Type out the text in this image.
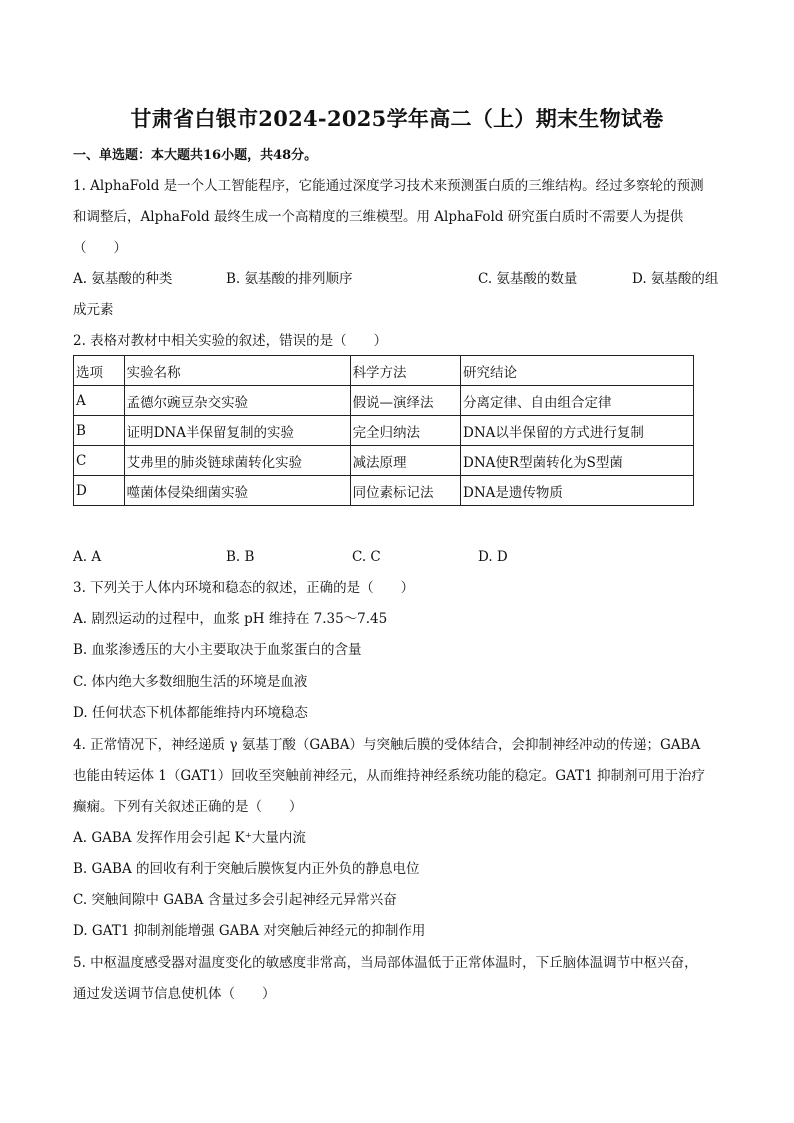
甘肃省白银市2024-2025学年高二（上）期末生物试卷
一、单选题：本大题共16小题，共48分。
1. AlphaFold 是一个人工智能程序，它能通过深度学习技术来预测蛋白质的三维结构。经过多察轮的预测
和调整后，AlphaFold 最终生成一个高精度的三维模型。用 AlphaFold 研究蛋白质时不需要人为提供
（　　）
A. 氨基酸的种类	B. 氨基酸的排列顺序	C. 氨基酸的数量	D. 氨基酸的组
成元素
2. 表格对教材中相关实验的叙述，错误的是（　　）
选项	实验名称	科学方法	研究结论
A	孟德尔豌豆杂交实验	假说—演绎法	分离定律、自由组合定律
B	证明DNA半保留复制的实验	完全归纳法	DNA以半保留的方式进行复制
C	艾弗里的肺炎链球菌转化实验	减法原理	DNA使R型菌转化为S型菌
D	噬菌体侵染细菌实验	同位素标记法	DNA是遗传物质
A. A	B. B	C. C	D. D
3. 下列关于人体内环境和稳态的叙述，正确的是（　　）
A. 剧烈运动的过程中，血浆 pH 维持在 7.35～7.45
B. 血浆渗透压的大小主要取决于血浆蛋白的含量
C. 体内绝大多数细胞生活的环境是血液
D. 任何状态下机体都能维持内环境稳态
4. 正常情况下，神经递质 γ 氨基丁酸（GABA）与突触后膜的受体结合，会抑制神经冲动的传递；GABA
也能由转运体 1（GAT1）回收至突触前神经元，从而维持神经系统功能的稳定。GAT1 抑制剂可用于治疗
癫痫。下列有关叙述正确的是（　　）
A. GABA 发挥作用会引起 K⁺大量内流
B. GABA 的回收有利于突触后膜恢复内正外负的静息电位
C. 突触间隙中 GABA 含量过多会引起神经元异常兴奋
D. GAT1 抑制剂能增强 GABA 对突触后神经元的抑制作用
5. 中枢温度感受器对温度变化的敏感度非常高，当局部体温低于正常体温时，下丘脑体温调节中枢兴奋，
通过发送调节信息使机体（　　）
